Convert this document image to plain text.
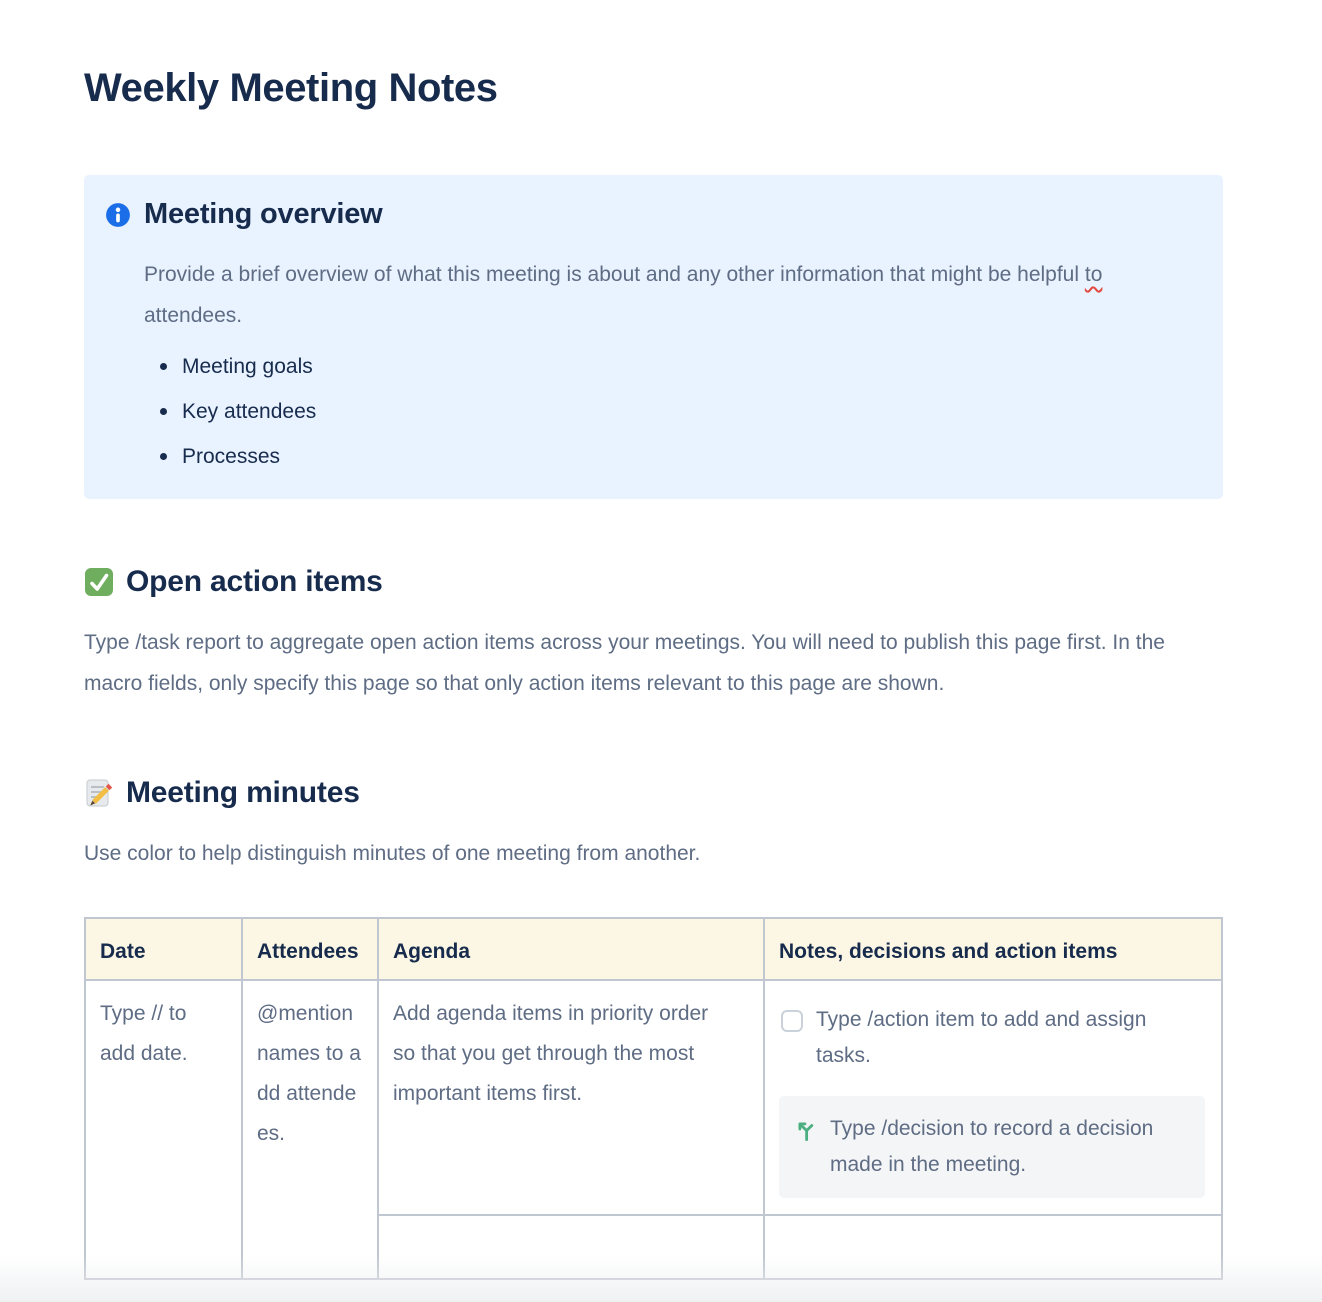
Weekly Meeting Notes
Meeting overview

Provide a brief overview of what this meeting is about and any other information that might be helpful to attendees.

Meeting goals
Key attendees
Processes
Open action items

Type /task report to aggregate open action items across your meetings. You will need to publish this page first. In the macro fields, only specify this page so that only action items relevant to this page are shown.

Meeting minutes

Use color to help distinguish minutes of one meeting from another.

Date	Attendees	Agenda	Notes, decisions and action items

Type // to add date.	@mention names to add attendees.	Add agenda items in priority order so that you get through the most important items first.	Type /action item to add and assign tasks.
Type /decision to record a decision made in the meeting.
